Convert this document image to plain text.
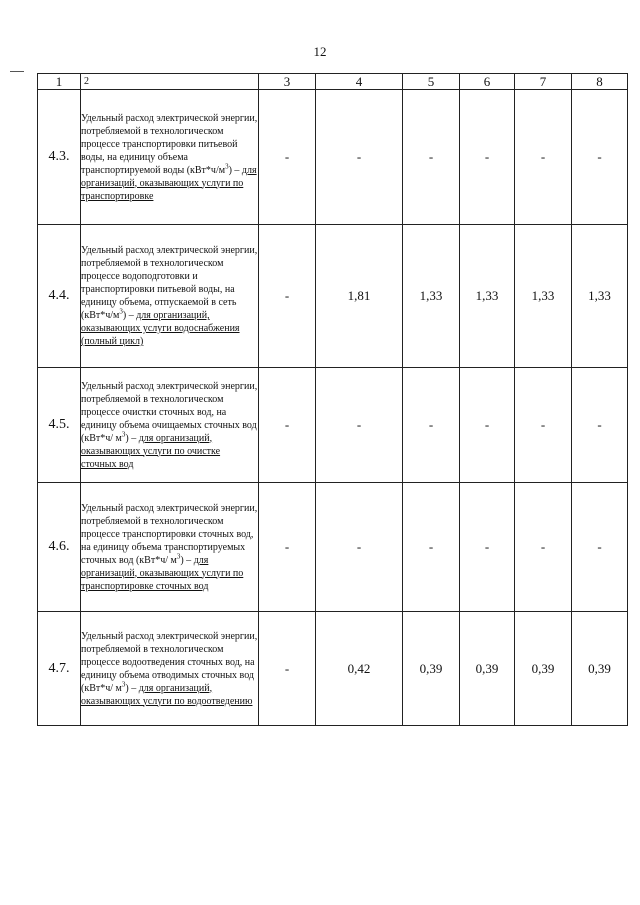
12
1	2	3	4	5	6	7	8
4.3.	Удельный расход электрической энергии, потребляемой в технологическом процессе транспортировки питьевой воды, на единицу объема транспортируемой воды $(кВт*ч/м^3)$ – для организаций, оказывающих услуги по транспортировке	-	-	-	-	-	-
4.4.	Удельный расход электрической энергии, потребляемой в технологическом процессе водоподготовки и транспортировки питьевой воды, на единицу объема, отпускаемой в сеть $(кВт*ч/м^3)$ – для организаций, оказывающих услуги водоснабжения (полный цикл)	-	1,81	1,33	1,33	1,33	1,33
4.5.	Удельный расход электрической энергии, потребляемой в технологическом процессе очистки сточных вод, на единицу объема очищаемых сточных вод (кВт*ч/ $м^3$) – для организаций, оказывающих услуги по очистке сточных вод	-	-	-	-	-	-
4.6.	Удельный расход электрической энергии, потребляемой в технологическом процессе транспортировки сточных вод, на единицу объема транспортируемых сточных вод (кВт*ч/ $м^3$) – для организаций, оказывающих услуги по транспортировке сточных вод	-	-	-	-	-	-
4.7.	Удельный расход электрической энергии, потребляемой в технологическом процессе водоотведения сточных вод, на единицу объема отводимых сточных вод (кВт*ч/ $м^3$) – для организаций, оказывающих услуги по водоотведению	-	0,42	0,39	0,39	0,39	0,39
